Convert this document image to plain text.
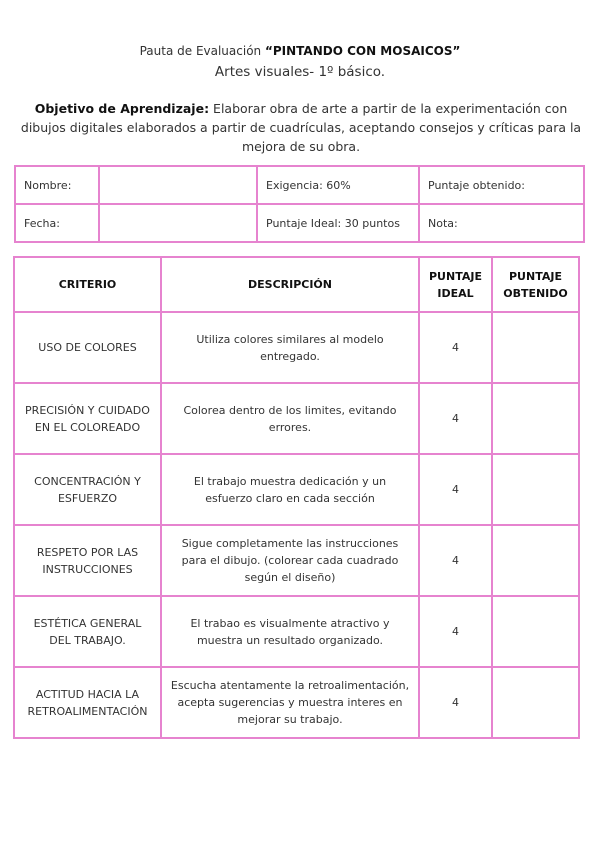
Pauta de Evaluación “PINTANDO CON MOSAICOS”
Artes visuales- 1º básico.
Objetivo de Aprendizaje: Elaborar obra de arte a partir de la experimentación con dibujos digitales elaborados a partir de cuadrículas, aceptando consejos y críticas para la mejora de su obra.
Nombre:		Exigencia: 60%	Puntaje obtenido:
Fecha:		Puntaje Ideal: 30 puntos	Nota:
CRITERIO	DESCRIPCIÓN	PUNTAJE IDEAL	PUNTAJE OBTENIDO
USO DE COLORES	Utiliza colores similares al modelo entregado.	4	
PRECISIÓN Y CUIDADO EN EL COLOREADO	Colorea dentro de los limites, evitando errores.	4	
CONCENTRACIÓN Y ESFUERZO	El trabajo muestra dedicación y un esfuerzo claro en cada sección	4	
RESPETO POR LAS INSTRUCCIONES	Sigue completamente las instrucciones para el dibujo. (colorear cada cuadrado según el diseño)	4	
ESTÉTICA GENERAL DEL TRABAJO.	El trabao es visualmente atractivo y muestra un resultado organizado.	4	
ACTITUD HACIA LA RETROALIMENTACIÓN	Escucha atentamente la retroalimentación, acepta sugerencias y muestra interes en mejorar su trabajo.	4	
